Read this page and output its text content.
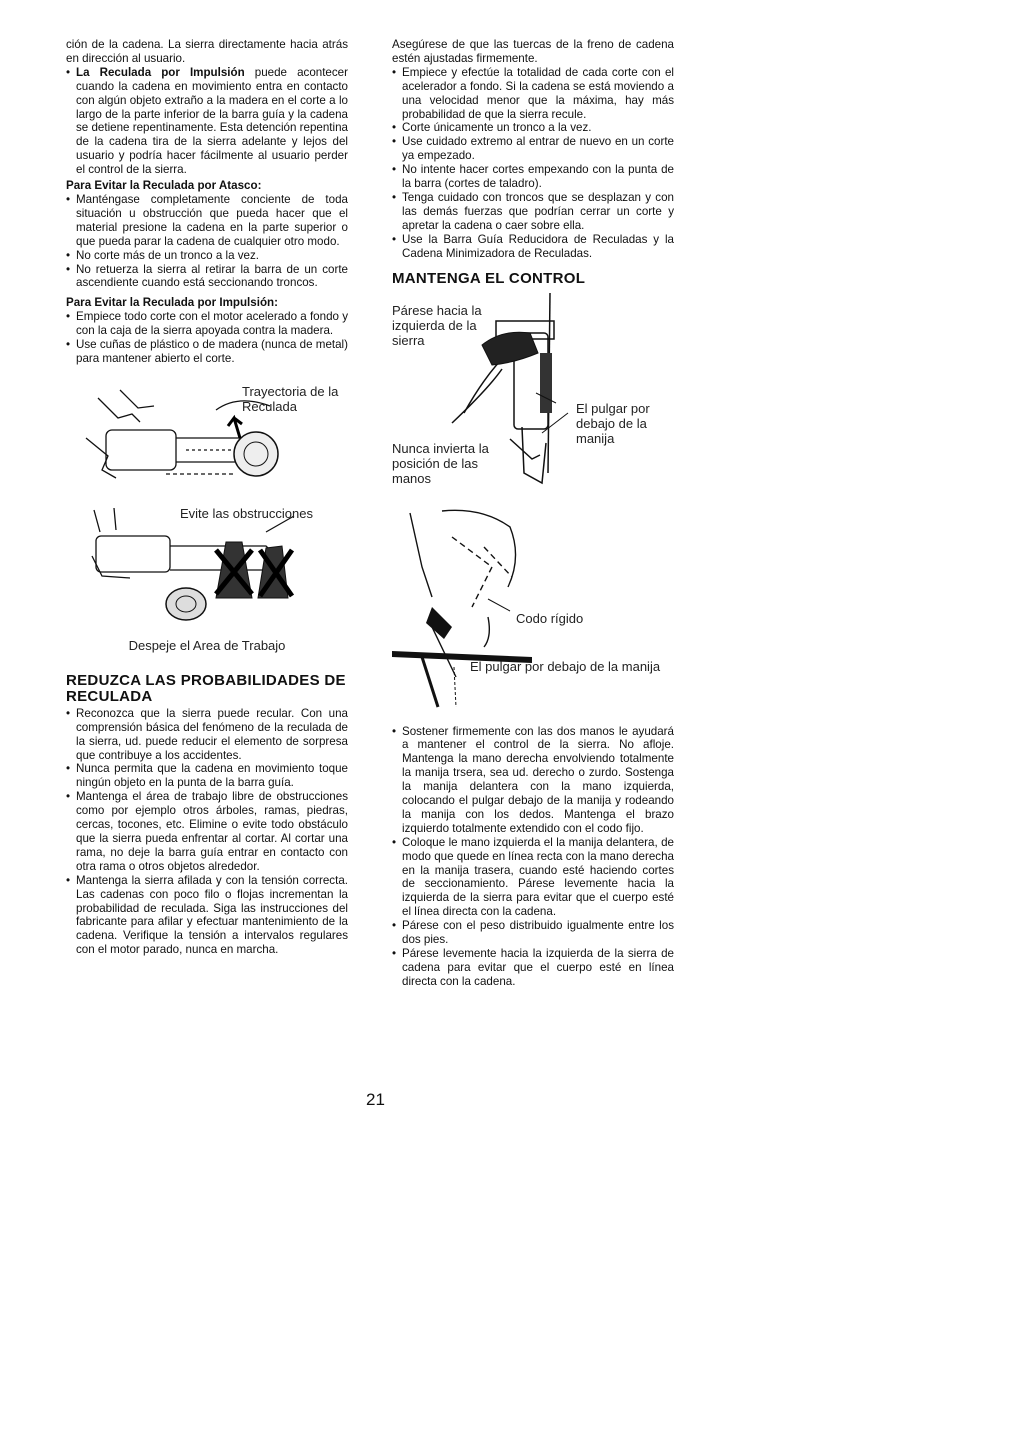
ción de la cadena. La sierra directamente hacia atrás en dirección al usuario.

• La Reculada por Impulsión puede acontecer cuando la cadena en movimiento entra en contacto con algún objeto extraño a la madera en el corte a lo largo de la parte inferior de la barra guía y la cadena se detiene repentinamente. Esta detención repentina de la cadena tira de la sierra adelante y lejos del usuario y podría hacer fácilmente al usuario perder el control de la sierra.
Para Evitar la Reculada por Atasco:
• Manténgase completamente conciente de toda situación u obstrucción que pueda hacer que el material presione la cadena en la parte superior o que pueda parar la cadena de cualquier otro modo.
• No corte más de un tronco a la vez.
• No retuerza la sierra al retirar la barra de un corte ascendiente cuando está seccionando troncos.
Para Evitar la Reculada por Impulsión:
• Empiece todo corte con el motor acelerado a fondo y con la caja de la sierra apoyada contra la madera.
• Use cuñas de plástico o de madera (nunca de metal) para mantener abierto el corte.
Trayectoria de la Reculada
Evite las obstrucciones
Despeje el Area de Trabajo
REDUZCA LAS PROBABILIDADES DE RECULADA
• Reconozca que la sierra puede recular. Con una comprensión básica del fenómeno de la reculada de la sierra, ud. puede reducir el elemento de sorpresa que contribuye a los accidentes.
• Nunca permita que la cadena en movimiento toque ningún objeto en la punta de la barra guía.
• Mantenga el área de trabajo libre de obstrucciones como por ejemplo otros árboles, ramas, piedras, cercas, tocones, etc. Elimine o evite todo obstáculo que la sierra pueda enfrentar al cortar. Al cortar una rama, no deje la barra guía entrar en contacto con otra rama o otros objetos alrededor.
• Mantenga la sierra afilada y con la tensión correcta. Las cadenas con poco filo o flojas incrementan la probabilidad de reculada. Siga las instrucciones del fabricante para afilar y efectuar mantenimiento de la cadena. Verifique la tensión a intervalos regulares con el motor parado, nunca en marcha.

Asegúrese de que las tuercas de la freno de cadena estén ajustadas firmemente.

• Empiece y efectúe la totalidad de cada corte con el acelerador a fondo. Si la cadena se está moviendo a una velocidad menor que la máxima, hay más probabilidad de que la sierra recule.
• Corte únicamente un tronco a la vez.
• Use cuidado extremo al entrar de nuevo en un corte ya empezado.
• No intente hacer cortes empexando con la punta de la barra (cortes de taladro).
• Tenga cuidado con troncos que se desplazan y con las demás fuerzas que podrían cerrar un corte y apretar la cadena o caer sobre ella.
• Use la Barra Guía Reducidora de Reculadas y la Cadena Minimizadora de Reculadas.
MANTENGA EL CONTROL
Párese hacia la izquierda de la sierra
El pulgar por debajo de la manija
Nunca invierta la posición de las manos
Codo rígido
El pulgar por debajo de la manija
• Sostener firmemente con las dos manos le ayudará a mantener el control de la sierra. No afloje. Mantenga la mano derecha envolviendo totalmente la manija trsera, sea ud. derecho o zurdo. Sostenga la manija delantera con la mano izquierda, colocando el pulgar debajo de la manija y rodeando la manija con los dedos. Mantenga el brazo izquierdo totalmente extendido con el codo fijo.
• Coloque le mano izquierda el la manija delantera, de modo que quede en línea recta con la mano derecha en la manija trasera, cuando esté haciendo cortes de seccionamiento. Párese levemente hacia la izquierda de la sierra para evitar que el cuerpo esté el línea directa con la cadena.
• Párese con el peso distribuido igualmente entre los dos pies.
• Párese levemente hacia la izquierda de la sierra de cadena para evitar que el cuerpo esté en línea directa con la cadena.
21
